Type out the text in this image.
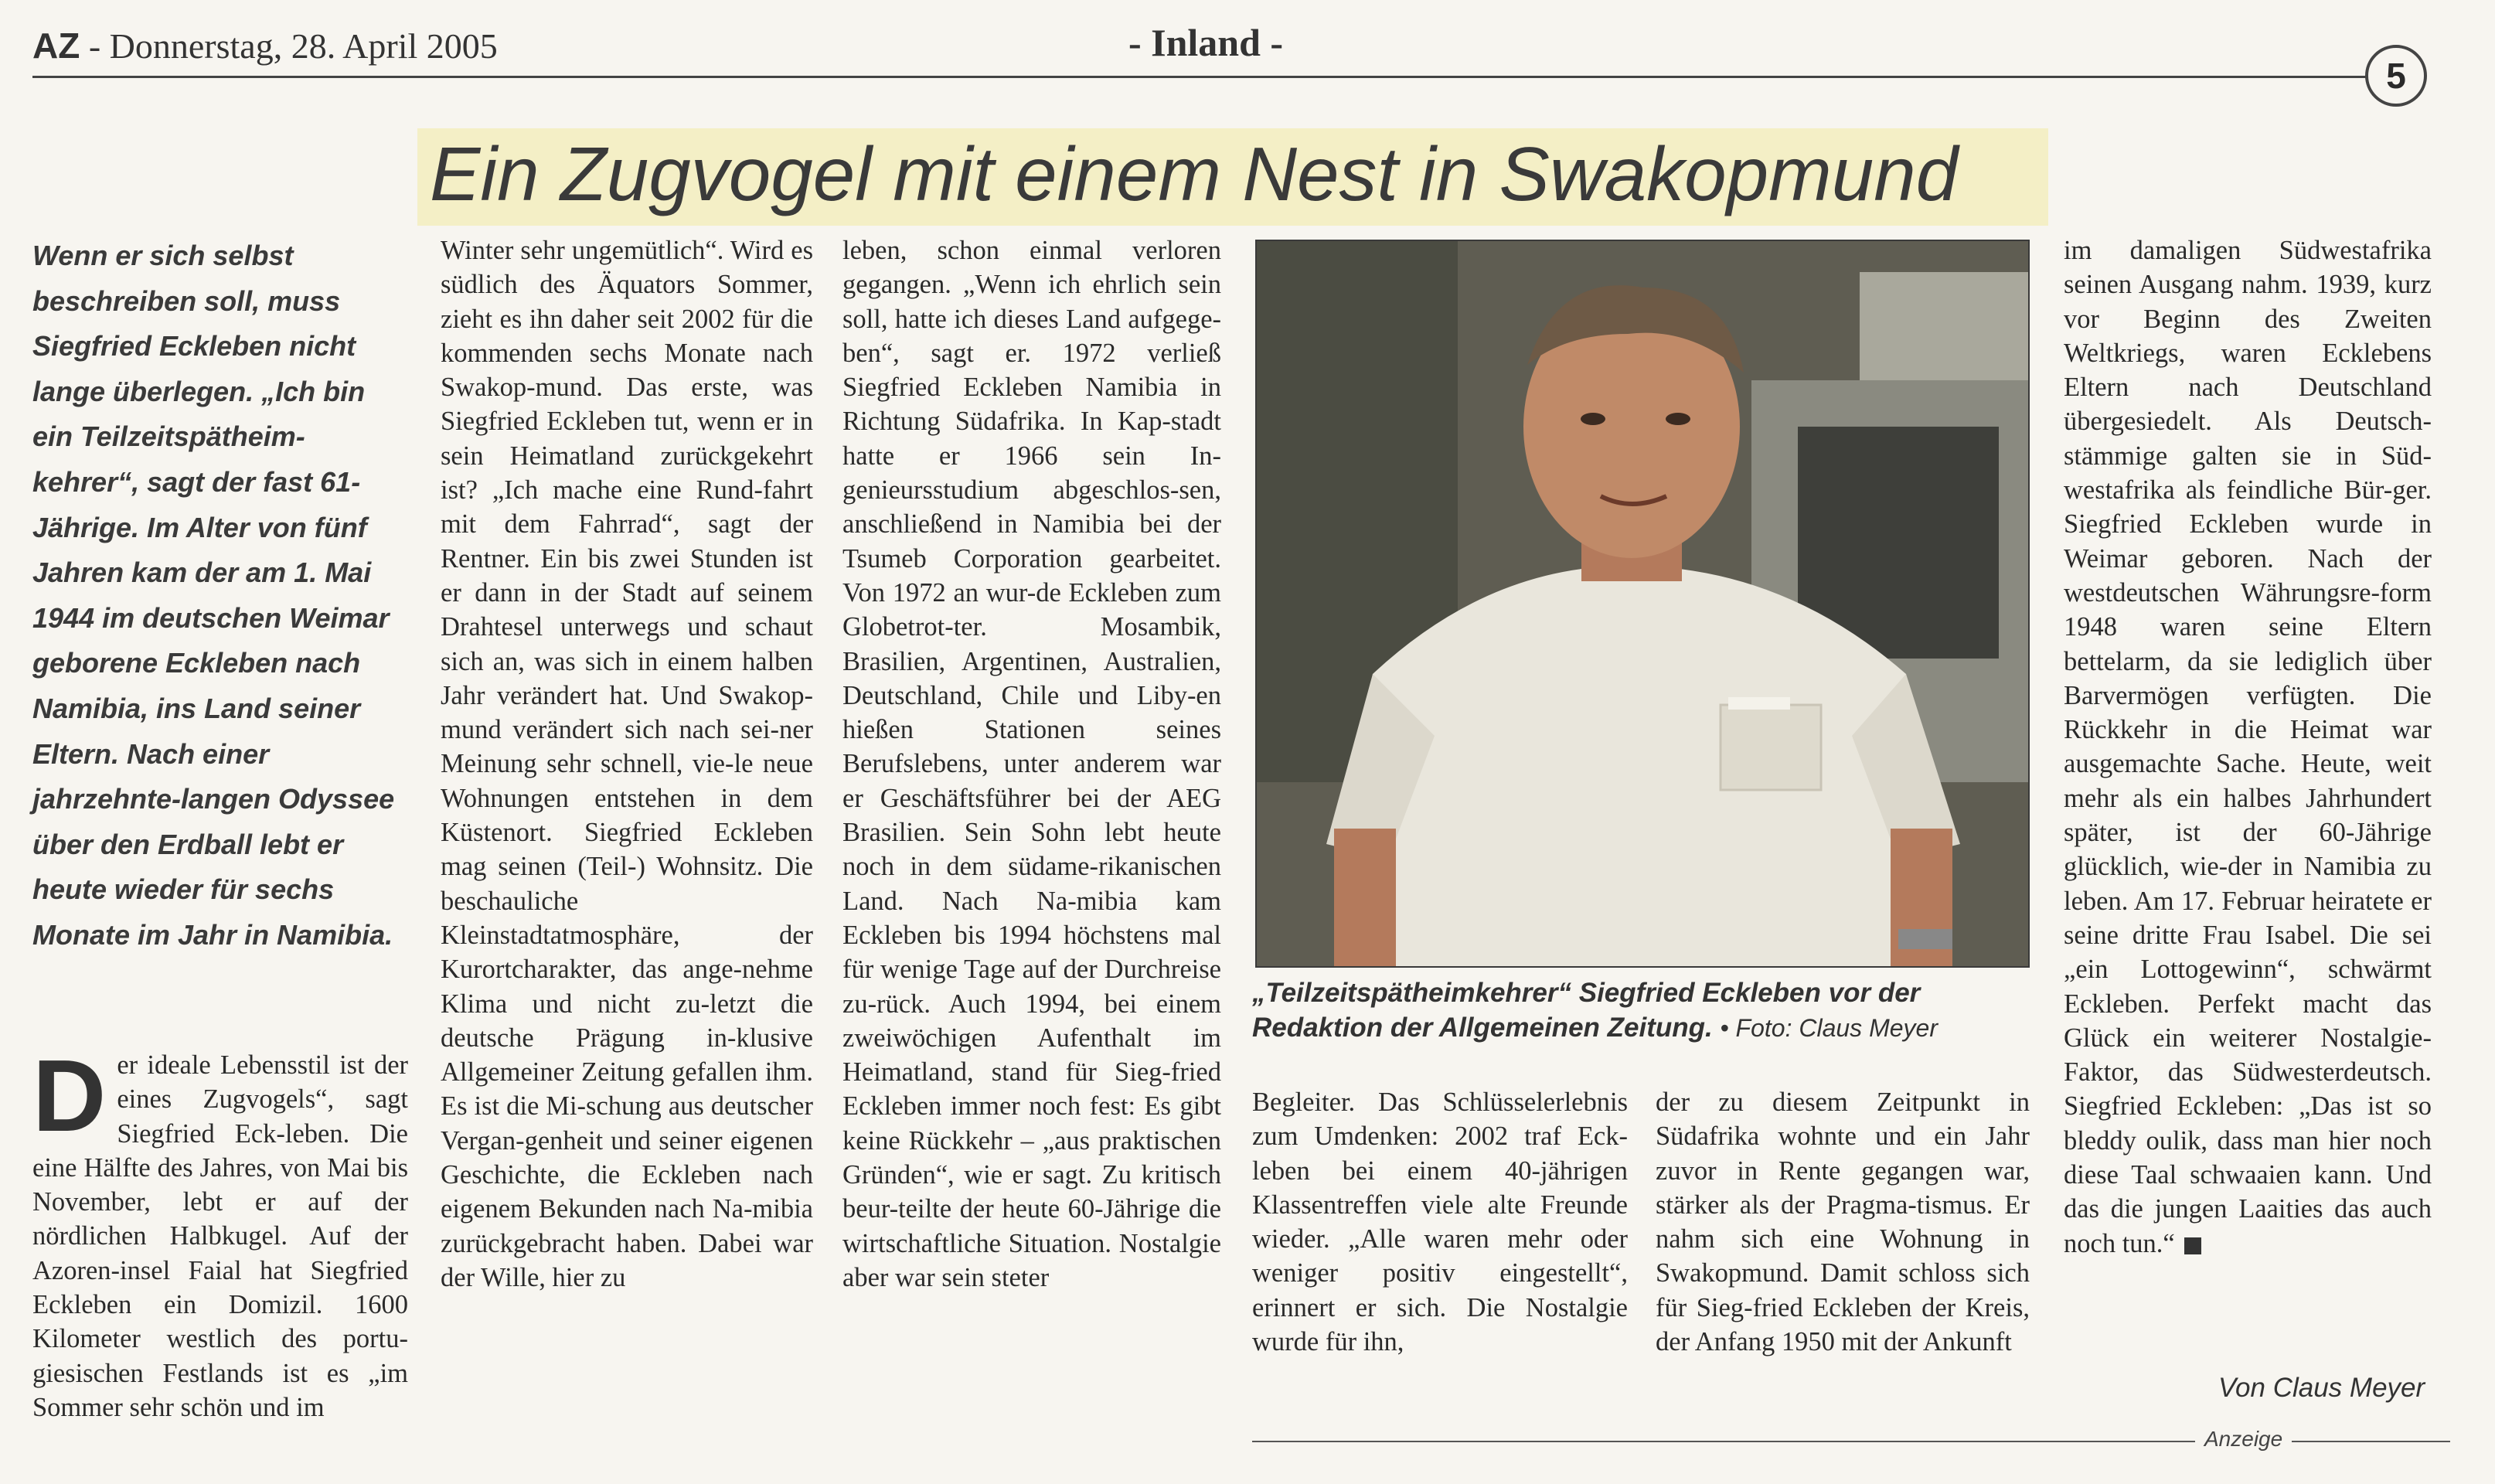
AZ - Donnerstag, 28. April 2005	- Inland -
5
Ein Zugvogel mit einem Nest in Swakopmund
Wenn er sich selbst beschreiben soll, muss Siegfried Eckleben nicht lange überlegen. „Ich bin ein Teilzeitspätheim-kehrer“, sagt der fast 61-Jährige. Im Alter von fünf Jahren kam der am 1. Mai 1944 im deutschen Weimar geborene Eckleben nach Namibia, ins Land seiner Eltern. Nach einer jahrzehnte-langen Odyssee über den Erdball lebt er heute wieder für sechs Monate im Jahr in Namibia.
Der ideale Lebensstil ist der eines Zugvogels“, sagt Siegfried Eck-leben. Die eine Hälfte des Jahres, von Mai bis November, lebt er auf der nördlichen Halbkugel. Auf der Azoren-insel Faial hat Siegfried Eckleben ein Domizil. 1600 Kilometer westlich des portu-giesischen Festlands ist es „im Sommer sehr schön und im
Winter sehr ungemütlich“. Wird es südlich des Äquators Sommer, zieht es ihn daher seit 2002 für die kommenden sechs Monate nach Swakop-mund. Das erste, was Siegfried Eckleben tut, wenn er in sein Heimatland zurückgekehrt ist? „Ich mache eine Rund-fahrt mit dem Fahrrad“, sagt der Rentner. Ein bis zwei Stunden ist er dann in der Stadt auf seinem Drahtesel unterwegs und schaut sich an, was sich in einem halben Jahr verändert hat. Und Swakop-mund verändert sich nach sei-ner Meinung sehr schnell, vie-le neue Wohnungen entstehen in dem Küstenort. Siegfried Eckleben mag seinen (Teil-) Wohnsitz. Die beschauliche Kleinstadtatmosphäre, der Kurortcharakter, das ange-nehme Klima und nicht zu-letzt die deutsche Prägung in-klusive Allgemeiner Zeitung gefallen ihm. Es ist die Mi-schung aus deutscher Vergan-genheit und seiner eigenen Geschichte, die Eckleben nach eigenem Bekunden nach Na-mibia zurückgebracht haben. Dabei war der Wille, hier zu
leben, schon einmal verloren gegangen. „Wenn ich ehrlich sein soll, hatte ich dieses Land aufgege-ben“, sagt er. 1972 verließ Siegfried Eckleben Namibia in Richtung Südafrika. In Kap-stadt hatte er 1966 sein In-genieursstudium abgeschlos-sen, anschließend in Namibia bei der Tsumeb Corporation gearbeitet. Von 1972 an wur-de Eckleben zum Globetrot-ter. Mosambik, Brasilien, Argentinen, Australien, Deutschland, Chile und Liby-en hießen Stationen seines Berufslebens, unter anderem war er Geschäftsführer bei der AEG Brasilien. Sein Sohn lebt heute noch in dem südame-rikanischen Land. Nach Na-mibia kam Eckleben bis 1994 höchstens mal für wenige Tage auf der Durchreise zu-rück. Auch 1994, bei einem zweiwöchigen Aufenthalt im Heimatland, stand für Sieg-fried Eckleben immer noch fest: Es gibt keine Rückkehr – „aus praktischen Gründen“, wie er sagt. Zu kritisch beur-teilte der heute 60-Jährige die wirtschaftliche Situation. Nostalgie aber war sein steter
„Teilzeitspätheimkehrer“ Siegfried Eckleben vor der Redaktion der Allgemeinen Zeitung. • Foto: Claus Meyer
Begleiter. Das Schlüsselerlebnis zum Umdenken: 2002 traf Eck-leben bei einem 40-jährigen Klassentreffen viele alte Freunde wieder. „Alle waren mehr oder weniger positiv eingestellt“, erinnert er sich. Die Nostalgie wurde für ihn,
der zu diesem Zeitpunkt in Südafrika wohnte und ein Jahr zuvor in Rente gegangen war, stärker als der Pragma-tismus. Er nahm sich eine Wohnung in Swakopmund. Damit schloss sich für Sieg-fried Eckleben der Kreis, der Anfang 1950 mit der Ankunft
im damaligen Südwestafrika seinen Ausgang nahm. 1939, kurz vor Beginn des Zweiten Weltkriegs, waren Ecklebens Eltern nach Deutschland übergesiedelt. Als Deutsch-stämmige galten sie in Süd-westafrika als feindliche Bür-ger. Siegfried Eckleben wurde in Weimar geboren. Nach der westdeutschen Währungsre-form 1948 waren seine Eltern bettelarm, da sie lediglich über Barvermögen verfügten. Die Rückkehr in die Heimat war ausgemachte Sache. Heute, weit mehr als ein halbes Jahrhundert später, ist der 60-Jährige glücklich, wie-der in Namibia zu leben. Am 17. Februar heiratete er seine dritte Frau Isabel. Die sei „ein Lottogewinn“, schwärmt Eckleben. Perfekt macht das Glück ein weiterer Nostalgie-Faktor, das Südwesterdeutsch. Siegfried Eckleben: „Das ist so bleddy oulik, dass man hier noch diese Taal schwaaien kann. Und das die jungen Laaities das auch noch tun.“
Von Claus Meyer
Anzeige
